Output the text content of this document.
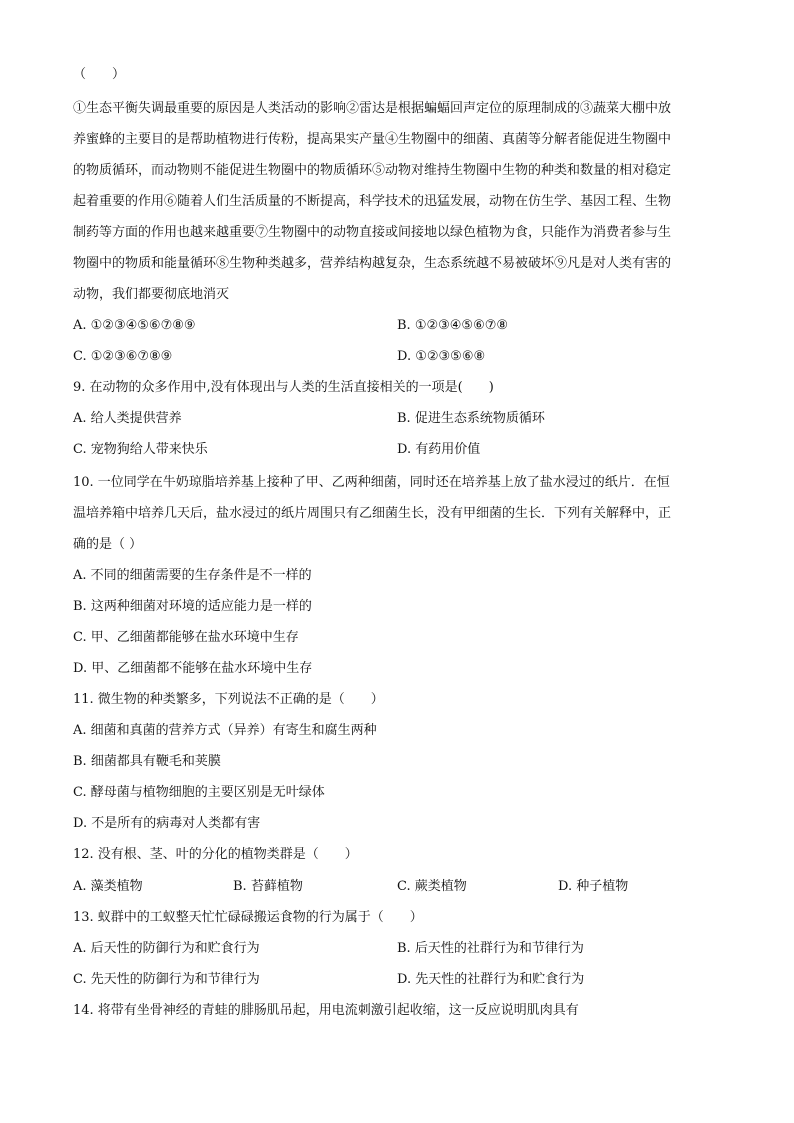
（　　）
①生态平衡失调最重要的原因是人类活动的影响②雷达是根据蝙蝠回声定位的原理制成的③蔬菜大棚中放
养蜜蜂的主要目的是帮助植物进行传粉，提高果实产量④生物圈中的细菌、真菌等分解者能促进生物圈中
的物质循环，而动物则不能促进生物圈中的物质循环⑤动物对维持生物圈中生物的种类和数量的相对稳定
起着重要的作用⑥随着人们生活质量的不断提高，科学技术的迅猛发展，动物在仿生学、基因工程、生物
制药等方面的作用也越来越重要⑦生物圈中的动物直接或间接地以绿色植物为食，只能作为消费者参与生
物圈中的物质和能量循环⑧生物种类越多，营养结构越复杂，生态系统越不易被破坏⑨凡是对人类有害的
动物，我们都要彻底地消灭
A. ①②③④⑤⑥⑦⑧⑨	B. ①②③④⑤⑥⑦⑧
C. ①②③⑥⑦⑧⑨	D. ①②③⑤⑥⑧
9. 在动物的众多作用中,没有体现出与人类的生活直接相关的一项是(　　)
A. 给人类提供营养	B. 促进生态系统物质循环
C. 宠物狗给人带来快乐	D. 有药用价值
10. 一位同学在牛奶琼脂培养基上接种了甲、乙两种细菌，同时还在培养基上放了盐水浸过的纸片．在恒
温培养箱中培养几天后，盐水浸过的纸片周围只有乙细菌生长，没有甲细菌的生长．下列有关解释中，正
确的是（ ）
A. 不同的细菌需要的生存条件是不一样的
B. 这两种细菌对环境的适应能力是一样的
C. 甲、乙细菌都能够在盐水环境中生存
D. 甲、乙细菌都不能够在盐水环境中生存
11. 微生物的种类繁多，下列说法不正确的是（　　）
A. 细菌和真菌的营养方式（异养）有寄生和腐生两种
B. 细菌都具有鞭毛和荚膜
C. 酵母菌与植物细胞的主要区别是无叶绿体
D. 不是所有的病毒对人类都有害
12. 没有根、茎、叶的分化的植物类群是（　　）
A. 藻类植物	B. 苔藓植物	C. 蕨类植物	D. 种子植物
13. 蚁群中的工蚁整天忙忙碌碌搬运食物的行为属于（　　）
A. 后天性的防御行为和贮食行为	B. 后天性的社群行为和节律行为
C. 先天性的防御行为和节律行为	D. 先天性的社群行为和贮食行为
14. 将带有坐骨神经的青蛙的腓肠肌吊起，用电流刺激引起收缩，这一反应说明肌肉具有
